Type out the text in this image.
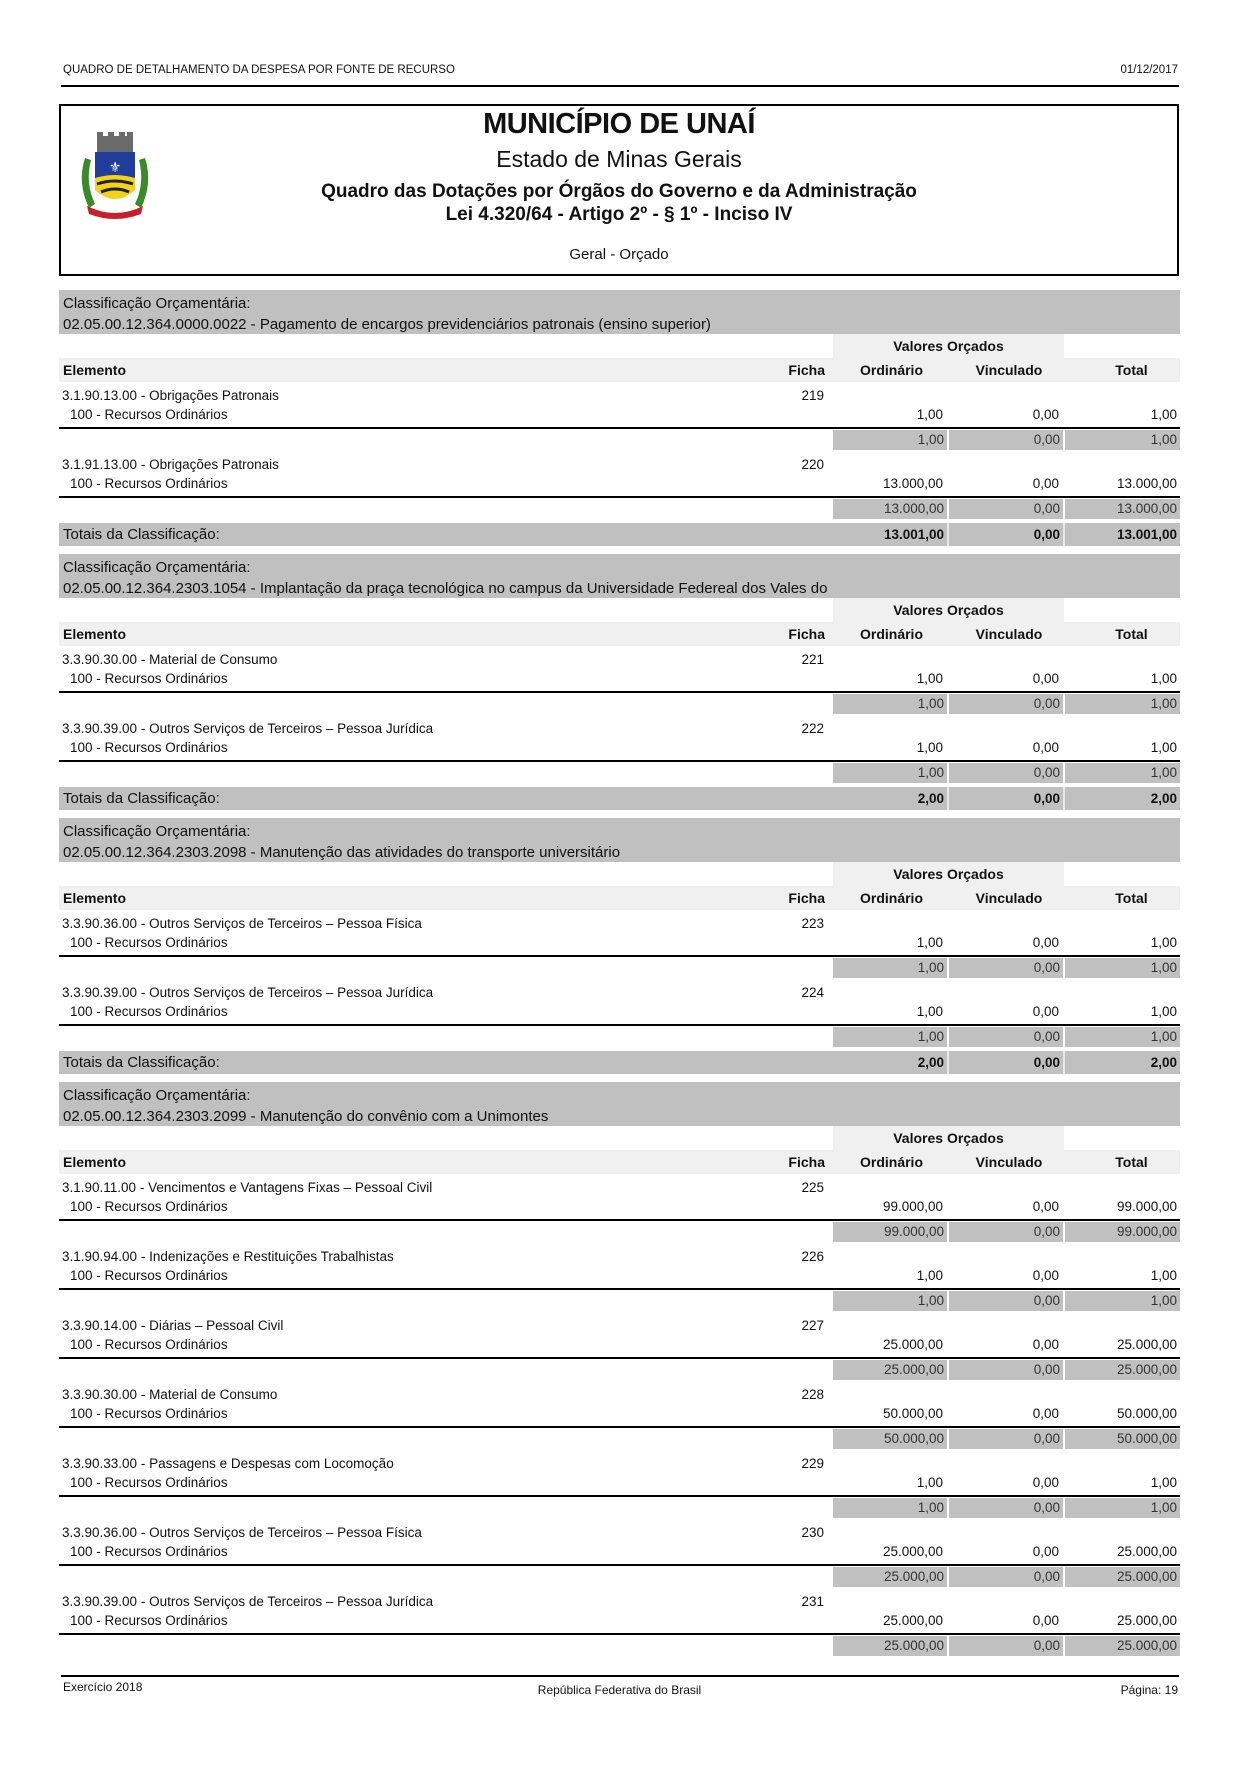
QUADRO DE DETALHAMENTO DA DESPESA POR FONTE DE RECURSO	01/12/2017
⚜
MUNICÍPIO DE UNAÍ
Estado de Minas Gerais
Quadro das Dotações por Órgãos do Governo e da Administração
Lei 4.320/64 - Artigo 2º - § 1º - Inciso IV
Geral - Orçado
Classificação Orçamentária:
02.05.00.12.364.0000.0022 - Pagamento de encargos previdenciários patronais (ensino superior)
Valores Orçados
Elemento	Ficha	Ordinário	Vinculado	Total
3.1.90.13.00 - Obrigações Patronais	219
100 - Recursos Ordinários	1,00	0,00	1,00
1,00	0,00	1,00
3.1.91.13.00 - Obrigações Patronais	220
100 - Recursos Ordinários	13.000,00	0,00	13.000,00
13.000,00	0,00	13.000,00
Totais da Classificação:	13.001,00	0,00	13.001,00
Classificação Orçamentária:
02.05.00.12.364.2303.1054 - Implantação da praça tecnológica no campus da Universidade Federeal dos Vales do
Valores Orçados
Elemento	Ficha	Ordinário	Vinculado	Total
3.3.90.30.00 - Material de Consumo	221
100 - Recursos Ordinários	1,00	0,00	1,00
1,00	0,00	1,00
3.3.90.39.00 - Outros Serviços de Terceiros – Pessoa Jurídica	222
100 - Recursos Ordinários	1,00	0,00	1,00
1,00	0,00	1,00
Totais da Classificação:	2,00	0,00	2,00
Classificação Orçamentária:
02.05.00.12.364.2303.2098 - Manutenção das atividades do transporte universitário
Valores Orçados
Elemento	Ficha	Ordinário	Vinculado	Total
3.3.90.36.00 - Outros Serviços de Terceiros – Pessoa Física	223
100 - Recursos Ordinários	1,00	0,00	1,00
1,00	0,00	1,00
3.3.90.39.00 - Outros Serviços de Terceiros – Pessoa Jurídica	224
100 - Recursos Ordinários	1,00	0,00	1,00
1,00	0,00	1,00
Totais da Classificação:	2,00	0,00	2,00
Classificação Orçamentária:
02.05.00.12.364.2303.2099 - Manutenção do convênio com a Unimontes
Valores Orçados
Elemento	Ficha	Ordinário	Vinculado	Total
3.1.90.11.00 - Vencimentos e Vantagens Fixas – Pessoal Civil	225
100 - Recursos Ordinários	99.000,00	0,00	99.000,00
99.000,00	0,00	99.000,00
3.1.90.94.00 - Indenizações e Restituições Trabalhistas	226
100 - Recursos Ordinários	1,00	0,00	1,00
1,00	0,00	1,00
3.3.90.14.00 - Diárias – Pessoal Civil	227
100 - Recursos Ordinários	25.000,00	0,00	25.000,00
25.000,00	0,00	25.000,00
3.3.90.30.00 - Material de Consumo	228
100 - Recursos Ordinários	50.000,00	0,00	50.000,00
50.000,00	0,00	50.000,00
3.3.90.33.00 - Passagens e Despesas com Locomoção	229
100 - Recursos Ordinários	1,00	0,00	1,00
1,00	0,00	1,00
3.3.90.36.00 - Outros Serviços de Terceiros – Pessoa Física	230
100 - Recursos Ordinários	25.000,00	0,00	25.000,00
25.000,00	0,00	25.000,00
3.3.90.39.00 - Outros Serviços de Terceiros – Pessoa Jurídica	231
100 - Recursos Ordinários	25.000,00	0,00	25.000,00
25.000,00	0,00	25.000,00
Exercício 2018	República Federativa do Brasil	Página: 19
